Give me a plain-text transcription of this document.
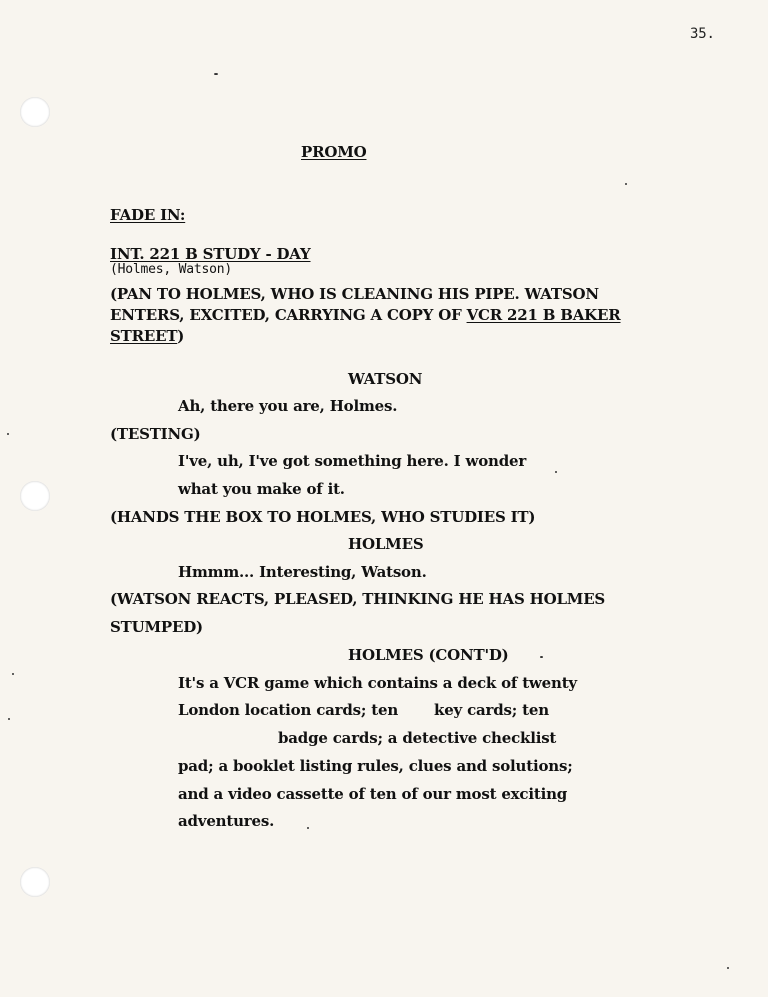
35.
PROMO
FADE IN:
INT. 221 B STUDY - DAY
(Holmes, Watson)
(PAN TO HOLMES, WHO IS CLEANING HIS PIPE. WATSON
ENTERS, EXCITED, CARRYING A COPY OF VCR 221 B BAKER
STREET)
WATSON
Ah, there you are, Holmes.
(TESTING)
I've, uh, I've got something here. I wonder
what you make of it.
(HANDS THE BOX TO HOLMES, WHO STUDIES IT)
HOLMES
Hmmm... Interesting, Watson.
(WATSON REACTS, PLEASED, THINKING HE HAS HOLMES
STUMPED)
HOLMES (CONT'D)
It's a VCR game which contains a deck of twenty
London location cards; ten key cards; ten
badge cards; a detective checklist
pad; a booklet listing rules, clues and solutions;
and a video cassette of ten of our most exciting
adventures.
